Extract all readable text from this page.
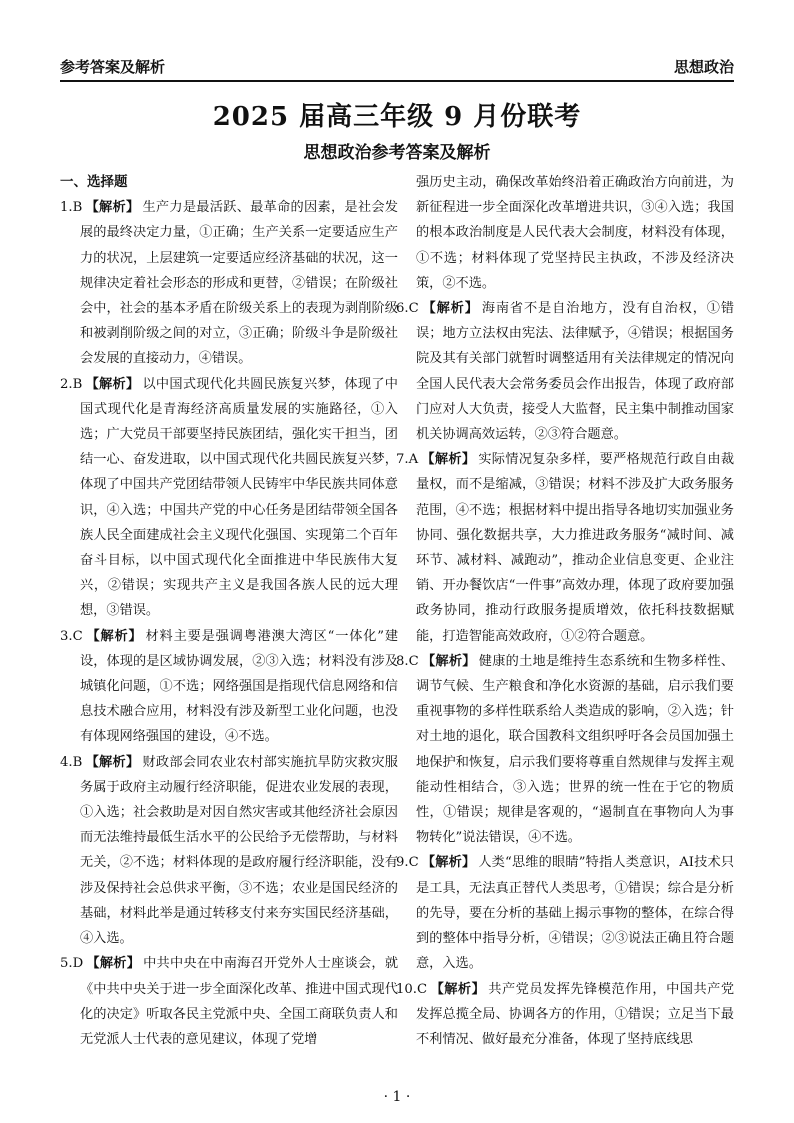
参考答案及解析	思想政治
2025 届高三年级 9 月份联考
思想政治参考答案及解析
一、选择题

1.B 【解析】 生产力是最活跃、最革命的因素，是社会发展的最终决定力量，①正确；生产关系一定要适应生产力的状况，上层建筑一定要适应经济基础的状况，这一规律决定着社会形态的形成和更替，②错误；在阶级社会中，社会的基本矛盾在阶级关系上的表现为剥削阶级和被剥削阶级之间的对立，③正确；阶级斗争是阶级社会发展的直接动力，④错误。

2.B 【解析】 以中国式现代化共圆民族复兴梦，体现了中国式现代化是青海经济高质量发展的实施路径，①入选；广大党员干部要坚持民族团结，强化实干担当，团结一心、奋发进取，以中国式现代化共圆民族复兴梦，体现了中国共产党团结带领人民铸牢中华民族共同体意识，④入选；中国共产党的中心任务是团结带领全国各族人民全面建成社会主义现代化强国、实现第二个百年奋斗目标，以中国式现代化全面推进中华民族伟大复兴，②错误；实现共产主义是我国各族人民的远大理想，③错误。

3.C 【解析】 材料主要是强调粤港澳大湾区“一体化”建设，体现的是区域协调发展，②③入选；材料没有涉及城镇化问题，①不选；网络强国是指现代信息网络和信息技术融合应用，材料没有涉及新型工业化问题，也没有体现网络强国的建设，④不选。

4.B 【解析】 财政部会同农业农村部实施抗旱防灾救灾服务属于政府主动履行经济职能，促进农业发展的表现，①入选；社会救助是对因自然灾害或其他经济社会原因而无法维持最低生活水平的公民给予无偿帮助，与材料无关，②不选；材料体现的是政府履行经济职能，没有涉及保持社会总供求平衡，③不选；农业是国民经济的基础，材料此举是通过转移支付来夯实国民经济基础，④入选。

5.D 【解析】 中共中央在中南海召开党外人士座谈会，就《中共中央关于进一步全面深化改革、推进中国式现代化的决定》听取各民主党派中央、全国工商联负责人和无党派人士代表的意见建议，体现了党增

强历史主动，确保改革始终沿着正确政治方向前进，为新征程进一步全面深化改革增进共识，③④入选；我国的根本政治制度是人民代表大会制度，材料没有体现，①不选；材料体现了党坚持民主执政，不涉及经济决策，②不选。

6.C 【解析】 海南省不是自治地方，没有自治权，①错误；地方立法权由宪法、法律赋予，④错误；根据国务院及其有关部门就暂时调整适用有关法律规定的情况向全国人民代表大会常务委员会作出报告，体现了政府部门应对人大负责，接受人大监督，民主集中制推动国家机关协调高效运转，②③符合题意。

7.A 【解析】 实际情况复杂多样，要严格规范行政自由裁量权，而不是缩减，③错误；材料不涉及扩大政务服务范围，④不选；根据材料中提出指导各地切实加强业务协同、强化数据共享，大力推进政务服务“减时间、减环节、减材料、减跑动”，推动企业信息变更、企业注销、开办餐饮店“一件事”高效办理，体现了政府要加强政务协同，推动行政服务提质增效，依托科技数据赋能，打造智能高效政府，①②符合题意。

8.C 【解析】 健康的土地是维持生态系统和生物多样性、调节气候、生产粮食和净化水资源的基础，启示我们要重视事物的多样性联系给人类造成的影响，②入选；针对土地的退化，联合国教科文组织呼吁各会员国加强土地保护和恢复，启示我们要将尊重自然规律与发挥主观能动性相结合，③入选；世界的统一性在于它的物质性，①错误；规律是客观的，“遏制直在事物向人为事物转化”说法错误，④不选。

9.C 【解析】 人类“思维的眼睛”特指人类意识，AI技术只是工具，无法真正替代人类思考，①错误；综合是分析的先导，要在分析的基础上揭示事物的整体，在综合得到的整体中指导分析，④错误；②③说法正确且符合题意，入选。

10.C 【解析】 共产党员发挥先锋模范作用，中国共产党发挥总揽全局、协调各方的作用，①错误；立足当下最不利情况、做好最充分准备，体现了坚持底线思

· 1 ·
